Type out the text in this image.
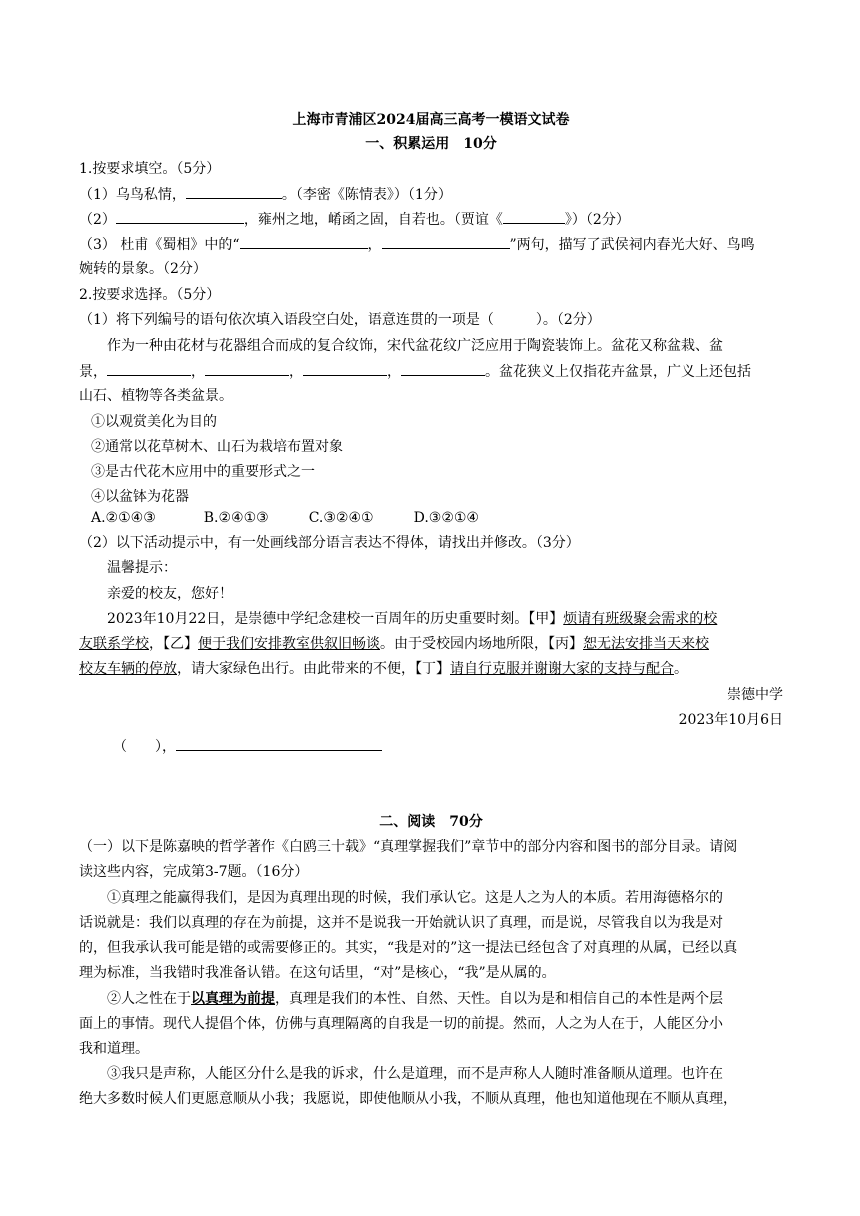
上海市青浦区2024届高三高考一模语文试卷
一、积累运用　10分
1.按要求填空。（5分）
（1）乌鸟私情，	。（李密《陈情表》）（1分）
（2）	，雍州之地，崤函之固，自若也。（贾谊《	》）（2分）
（3） 杜甫《蜀相》中的“	，	”两句，描写了武侯祠内春光大好、鸟鸣
婉转的景象。（2分）
2.按要求选择。（5分）
（1）将下列编号的语句依次填入语段空白处，语意连贯的一项是（　　　）。（2分）
作为一种由花材与花器组合而成的复合纹饰，宋代盆花纹广泛应用于陶瓷装饰上。盆花又称盆栽、盆
景，	，	，	，	。盆花狭义上仅指花卉盆景，广义上还包括
山石、植物等各类盆景。
①以观赏美化为目的
②通常以花草树木、山石为栽培布置对象
③是古代花木应用中的重要形式之一
④以盆钵为花器
A.②①④③	B.②④①③	C.③②④①	D.③②①④
（2）以下活动提示中，有一处画线部分语言表达不得体，请找出并修改。（3分）
温馨提示：
亲爱的校友，您好！
2023年10月22日，是崇德中学纪念建校一百周年的历史重要时刻。【甲】烦请有班级聚会需求的校
友联系学校，【乙】便于我们安排教室供叙旧畅谈。由于受校园内场地所限，【丙】恕无法安排当天来校
校友车辆的停放，请大家绿色出行。由此带来的不便，【丁】请自行克服并谢谢大家的支持与配合。
崇德中学
2023年10月6日
（　　），
二、阅读　70分
（一）以下是陈嘉映的哲学著作《白鸥三十载》“真理掌握我们”章节中的部分内容和图书的部分目录。请阅
读这些内容，完成第3-7题。（16分）
①真理之能赢得我们，是因为真理出现的时候，我们承认它。这是人之为人的本质。若用海德格尔的
话说就是：我们以真理的存在为前提，这并不是说我一开始就认识了真理，而是说，尽管我自以为我是对
的，但我承认我可能是错的或需要修正的。其实，“我是对的”这一提法已经包含了对真理的从属，已经以真
理为标准，当我错时我准备认错。在这句话里，“对”是核心，“我”是从属的。
②人之性在于以真理为前提，真理是我们的本性、自然、天性。自以为是和相信自己的本性是两个层
面上的事情。现代人提倡个体，仿佛与真理隔离的自我是一切的前提。然而，人之为人在于，人能区分小
我和道理。
③我只是声称，人能区分什么是我的诉求，什么是道理，而不是声称人人随时准备顺从道理。也许在
绝大多数时候人们更愿意顺从小我；我愿说，即使他顺从小我，不顺从真理，他也知道他现在不顺从真理，
